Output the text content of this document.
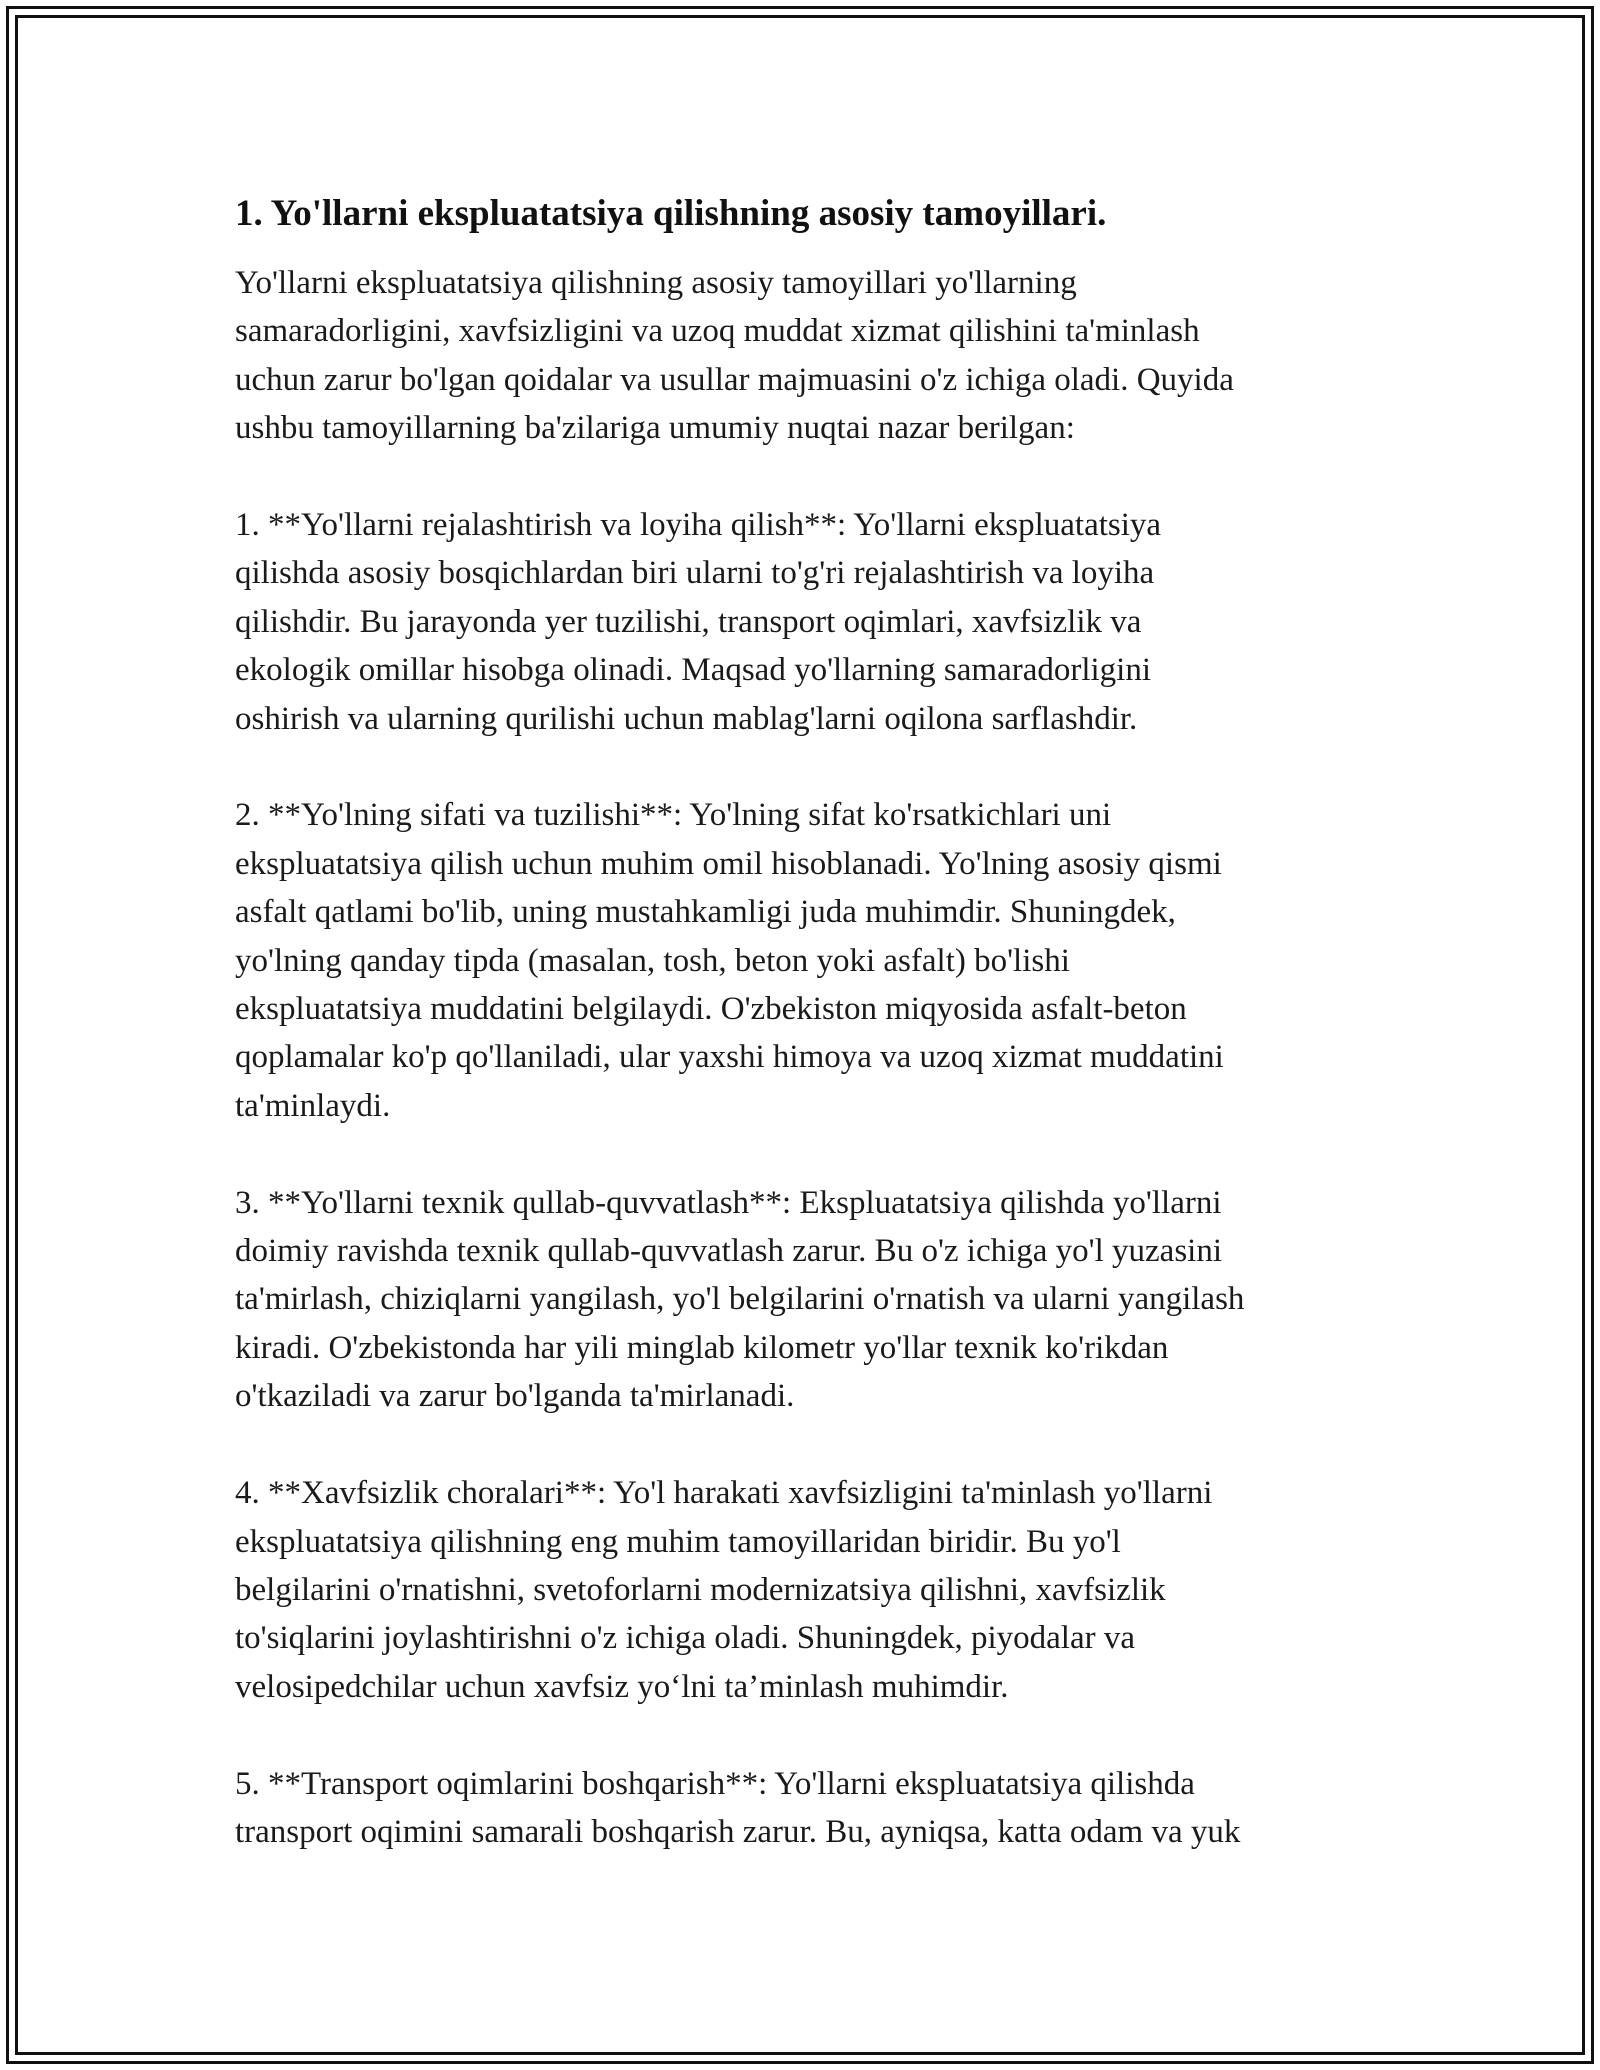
1. Yo'llarni ekspluatatsiya qilishning asosiy tamoyillari.

Yo'llarni ekspluatatsiya qilishning asosiy tamoyillari yo'llarning
samaradorligini, xavfsizligini va uzoq muddat xizmat qilishini ta'minlash
uchun zarur bo'lgan qoidalar va usullar majmuasini o'z ichiga oladi. Quyida
ushbu tamoyillarning ba'zilariga umumiy nuqtai nazar berilgan:

1. **Yo'llarni rejalashtirish va loyiha qilish**: Yo'llarni ekspluatatsiya
qilishda asosiy bosqichlardan biri ularni to'g'ri rejalashtirish va loyiha
qilishdir. Bu jarayonda yer tuzilishi, transport oqimlari, xavfsizlik va
ekologik omillar hisobga olinadi. Maqsad yo'llarning samaradorligini
oshirish va ularning qurilishi uchun mablag'larni oqilona sarflashdir.

2. **Yo'lning sifati va tuzilishi**: Yo'lning sifat ko'rsatkichlari uni
ekspluatatsiya qilish uchun muhim omil hisoblanadi. Yo'lning asosiy qismi
asfalt qatlami bo'lib, uning mustahkamligi juda muhimdir. Shuningdek,
yo'lning qanday tipda (masalan, tosh, beton yoki asfalt) bo'lishi
ekspluatatsiya muddatini belgilaydi. O'zbekiston miqyosida asfalt-beton
qoplamalar ko'p qo'llaniladi, ular yaxshi himoya va uzoq xizmat muddatini
ta'minlaydi.

3. **Yo'llarni texnik qullab-quvvatlash**: Ekspluatatsiya qilishda yo'llarni
doimiy ravishda texnik qullab-quvvatlash zarur. Bu o'z ichiga yo'l yuzasini
ta'mirlash, chiziqlarni yangilash, yo'l belgilarini o'rnatish va ularni yangilash
kiradi. O'zbekistonda har yili minglab kilometr yo'llar texnik ko'rikdan
o'tkaziladi va zarur bo'lganda ta'mirlanadi.

4. **Xavfsizlik choralari**: Yo'l harakati xavfsizligini ta'minlash yo'llarni
ekspluatatsiya qilishning eng muhim tamoyillaridan biridir. Bu yo'l
belgilarini o'rnatishni, svetoforlarni modernizatsiya qilishni, xavfsizlik
to'siqlarini joylashtirishni o'z ichiga oladi. Shuningdek, piyodalar va
velosipedchilar uchun xavfsiz yo‘lni ta’minlash muhimdir.

5. **Transport oqimlarini boshqarish**: Yo'llarni ekspluatatsiya qilishda
transport oqimini samarali boshqarish zarur. Bu, ayniqsa, katta odam va yuk
